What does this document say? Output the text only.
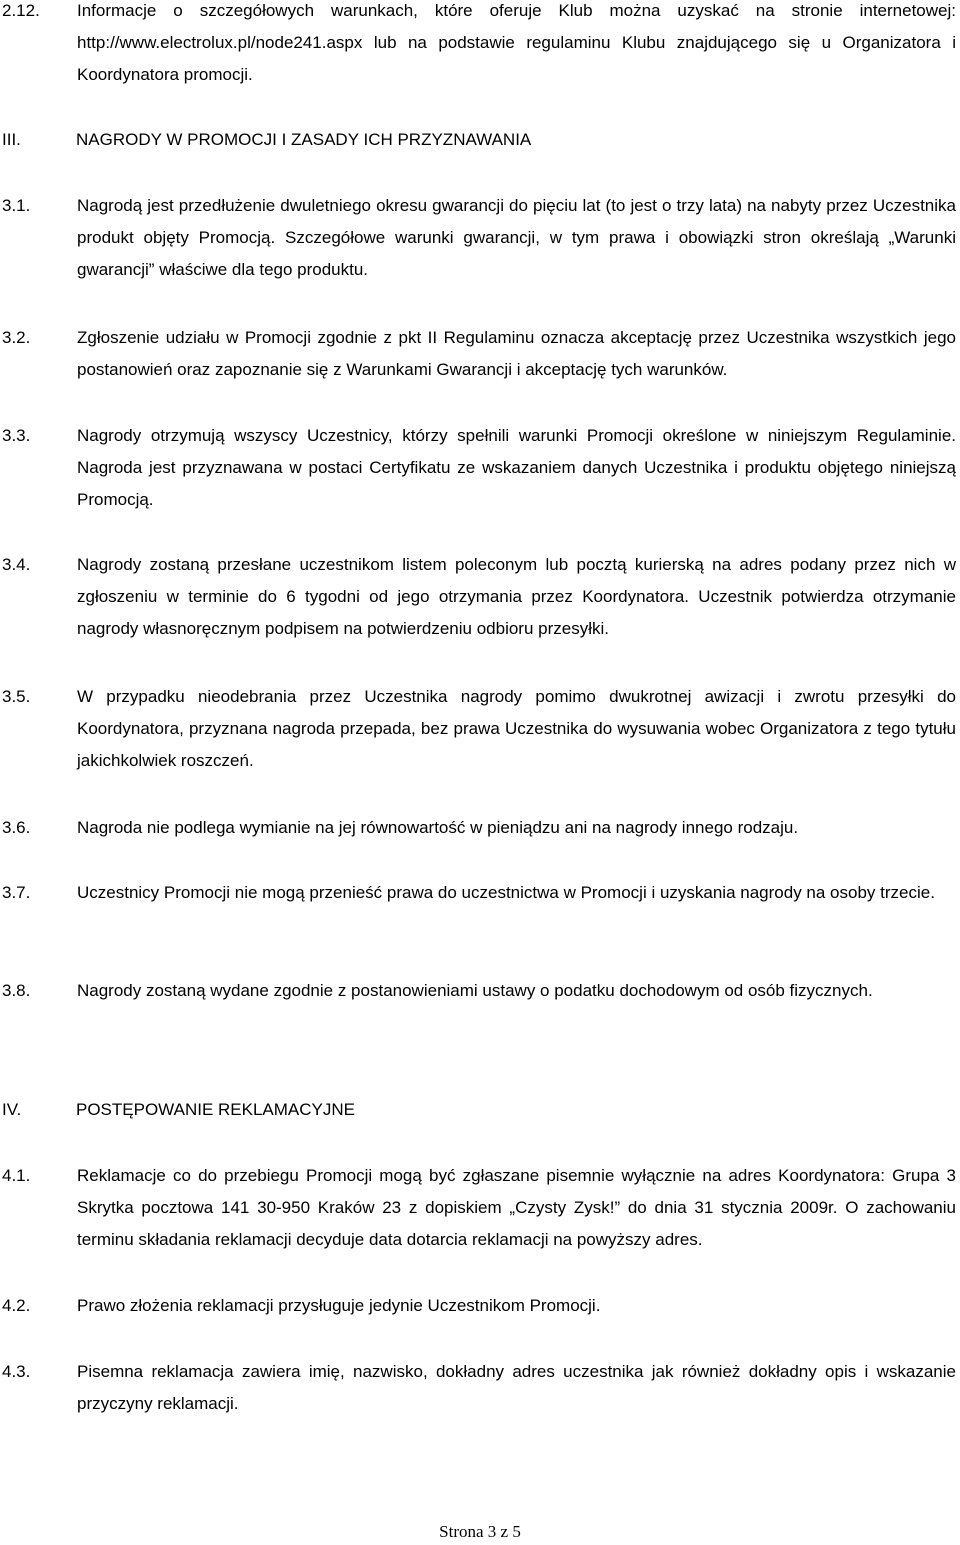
2.12. Informacje o szczegółowych warunkach, które oferuje Klub można uzyskać na stronie internetowej: http://www.electrolux.pl/node241.aspx lub na podstawie regulaminu Klubu znajdującego się u Organizatora i Koordynatora promocji.
III.	NAGRODY W PROMOCJI I ZASADY ICH PRZYZNAWANIA
3.1.	Nagrodą jest przedłużenie dwuletniego okresu gwarancji do pięciu lat (to jest o trzy lata) na nabyty przez Uczestnika produkt objęty Promocją. Szczegółowe warunki gwarancji, w tym prawa i obowiązki stron określają „Warunki gwarancji” właściwe dla tego produktu.
3.2.	Zgłoszenie udziału w Promocji zgodnie z pkt II Regulaminu oznacza akceptację przez Uczestnika wszystkich jego postanowień oraz zapoznanie się z Warunkami Gwarancji i akceptację tych warunków.
3.3.	Nagrody otrzymują wszyscy Uczestnicy, którzy spełnili warunki Promocji określone w niniejszym Regulaminie. Nagroda jest przyznawana w postaci Certyfikatu ze wskazaniem danych Uczestnika i produktu objętego niniejszą Promocją.
3.4.	Nagrody zostaną przesłane uczestnikom listem poleconym lub pocztą kurierską na adres podany przez nich w zgłoszeniu w terminie do 6 tygodni od jego otrzymania przez Koordynatora. Uczestnik potwierdza otrzymanie nagrody własnoręcznym podpisem na potwierdzeniu odbioru przesyłki.
3.5.	W przypadku nieodebrania przez Uczestnika nagrody pomimo dwukrotnej awizacji i zwrotu przesyłki do Koordynatora, przyznana nagroda przepada, bez prawa Uczestnika do wysuwania wobec Organizatora z tego tytułu jakichkolwiek roszczeń.
3.6.	Nagroda nie podlega wymianie na jej równowartość w pieniądzu ani na nagrody innego rodzaju.
3.7.	Uczestnicy Promocji nie mogą przenieść prawa do uczestnictwa w Promocji i uzyskania nagrody na osoby trzecie.
3.8.	Nagrody zostaną wydane zgodnie z postanowieniami ustawy o podatku dochodowym od osób fizycznych.
IV.	POSTĘPOWANIE REKLAMACYJNE
4.1.	Reklamacje co do przebiegu Promocji mogą być zgłaszane pisemnie wyłącznie na adres Koordynatora: Grupa 3 Skrytka pocztowa 141 30-950 Kraków 23 z dopiskiem „Czysty Zysk!” do dnia 31 stycznia 2009r. O zachowaniu terminu składania reklamacji decyduje data dotarcia reklamacji na powyższy adres.
4.2.	Prawo złożenia reklamacji przysługuje jedynie Uczestnikom Promocji.
4.3.	Pisemna reklamacja zawiera imię, nazwisko, dokładny adres uczestnika jak również dokładny opis i wskazanie przyczyny reklamacji.
Strona 3 z 5
